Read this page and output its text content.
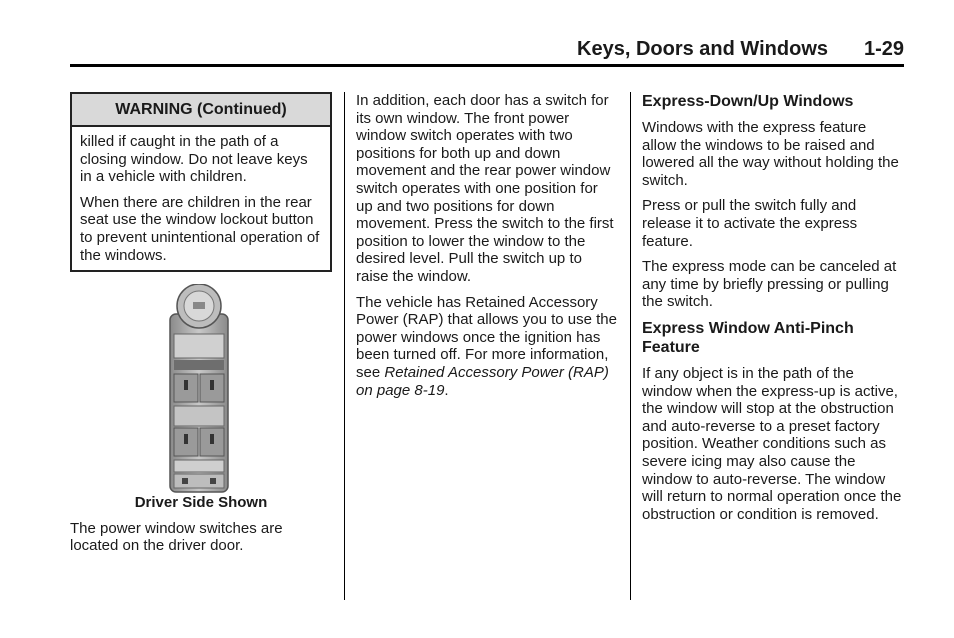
Keys, Doors and Windows 1-29
WARNING (Continued)

killed if caught in the path of a closing window. Do not leave keys in a vehicle with children.

When there are children in the rear seat use the window lockout button to prevent unintentional operation of the windows.

Driver Side Shown

The power window switches are located on the driver door.

In addition, each door has a switch for its own window. The front power window switch operates with two positions for both up and down movement and the rear power window switch operates with one position for up and two positions for down movement. Press the switch to the first position to lower the window to the desired level. Pull the switch up to raise the window.

The vehicle has Retained Accessory Power (RAP) that allows you to use the power windows once the ignition has been turned off. For more information, see Retained Accessory Power (RAP) on page 8‑19.

Express-Down/Up Windows

Windows with the express feature allow the windows to be raised and lowered all the way without holding the switch.

Press or pull the switch fully and release it to activate the express feature.

The express mode can be canceled at any time by briefly pressing or pulling the switch.

Express Window Anti-Pinch Feature

If any object is in the path of the window when the express-up is active, the window will stop at the obstruction and auto-reverse to a preset factory position. Weather conditions such as severe icing may also cause the window to auto-reverse. The window will return to normal operation once the obstruction or condition is removed.
